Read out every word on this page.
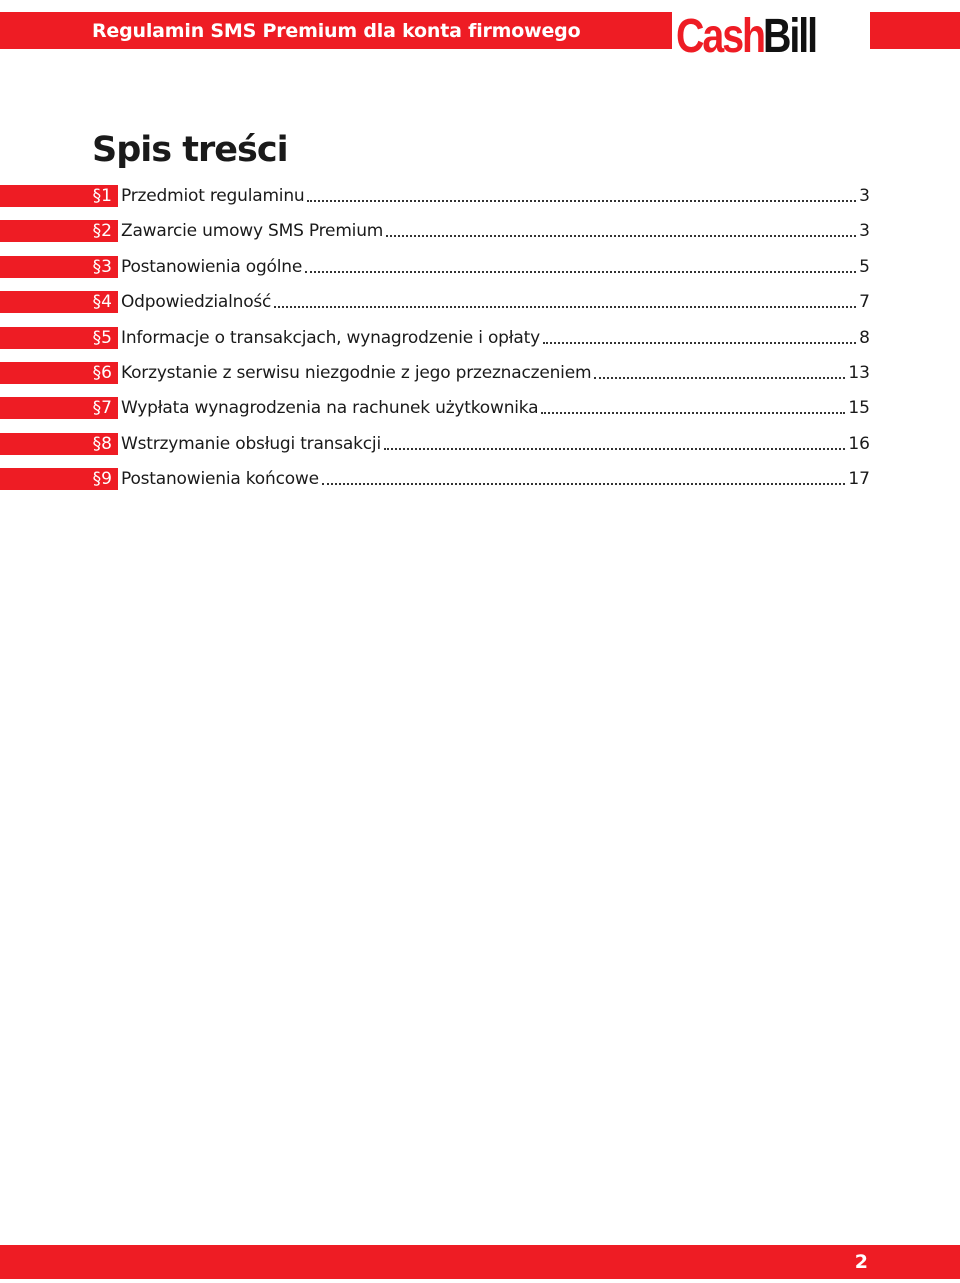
Regulamin SMS Premium dla konta firmowego Cash Bill
Spis treści
§1 Przedmiot regulaminu	3
§2 Zawarcie umowy SMS Premium	3
§3 Postanowienia ogólne	5
§4 Odpowiedzialność	7
§5 Informacje o transakcjach, wynagrodzenie i opłaty	8
§6 Korzystanie z serwisu niezgodnie z jego przeznaczeniem	13
§7 Wypłata wynagrodzenia na rachunek użytkownika	15
§8 Wstrzymanie obsługi transakcji	16
§9 Postanowienia końcowe	17
2
